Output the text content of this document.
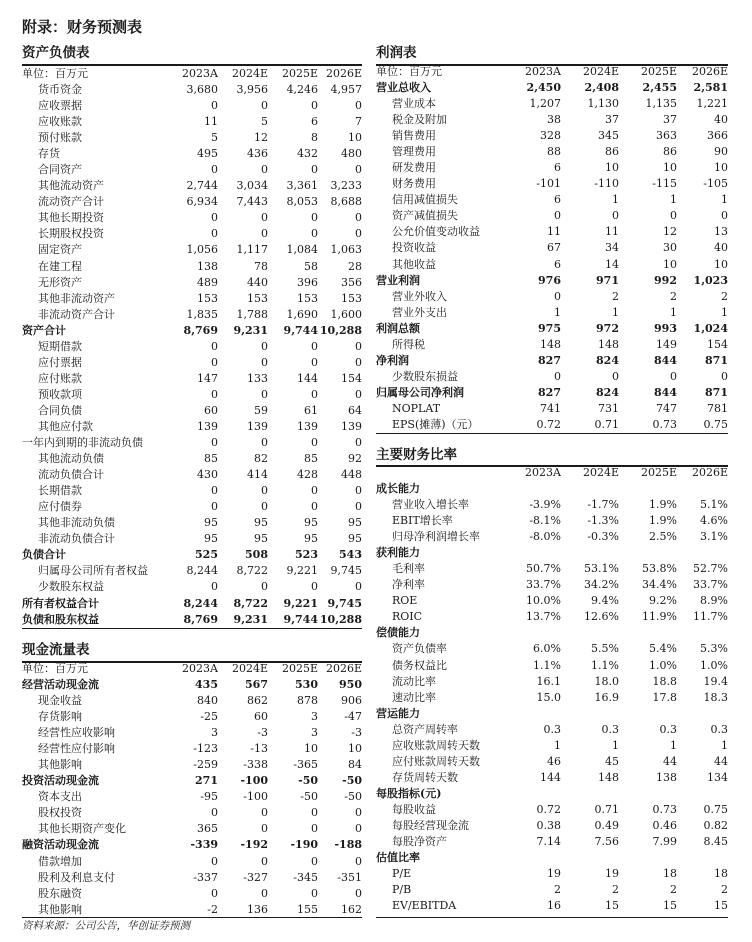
附录：财务预测表
资产负债表
单位：百万元	2023A	2024E	2025E 2026E
货币资金	3,680	3,956	4,246	4,957
应收票据	0	0	0	0
应收账款	11	5	6	7
预付账款	5	12	8	10
存货	495	436	432	480
合同资产	0	0	0	0
其他流动资产	2,744	3,034	3,361	3,233
流动资产合计	6,934	7,443	8,053	8,688
其他长期投资	0	0	0	0
长期股权投资	0	0	0	0
固定资产	1,056	1,117	1,084	1,063
在建工程	138	78	58	28
无形资产	489	440	396	356
其他非流动资产	153	153	153	153
非流动资产合计	1,835	1,788	1,690	1,600
资产合计	8,769	9,231	9,744 10,288
短期借款	0	0	0	0
应付票据	0	0	0	0
应付账款	147	133	144	154
预收款项	0	0	0	0
合同负债	60	59	61	64
其他应付款	139	139	139	139
一年内到期的非流动负债	0	0	0	0
其他流动负债	85	82	85	92
流动负债合计	430	414	428	448
长期借款	0	0	0	0
应付债券	0	0	0	0
其他非流动负债	95	95	95	95
非流动负债合计	95	95	95	95
负债合计	525	508	523	543
归属母公司所有者权益	8,244	8,722	9,221	9,745
少数股东权益	0	0	0	0
所有者权益合计	8,244	8,722	9,221 9,745
负债和股东权益	8,769	9,231	9,744 10,288
现金流量表
单位：百万元	2023A	2024E	2025E 2026E
经营活动现金流	435	567	530	950
现金收益	840	862	878	906
存货影响	-25	60	3	-47
经营性应收影响	3	-3	3	-3
经营性应付影响	-123	-13	10	10
其他影响	-259	-338	-365	84
投资活动现金流	271	-100	-50	-50
资本支出	-95	-100	-50	-50
股权投资	0	0	0	0
其他长期资产变化	365	0	0	0
融资活动现金流	-339	-192	-190	-188
借款增加	0	0	0	0
股利及利息支付	-337	-327	-345	-351
股东融资	0	0	0	0
其他影响	-2	136	155	162
利润表
单位：百万元	2023A	2024E	2025E	2026E
营业总收入	2,450	2,408	2,455	2,581
营业成本	1,207	1,130	1,135	1,221
税金及附加	38	37	37	40
销售费用	328	345	363	366
管理费用	88	86	86	90
研发费用	6	10	10	10
财务费用	-101	-110	-115	-105
信用减值损失	6	1	1	1
资产减值损失	0	0	0	0
公允价值变动收益	11	11	12	13
投资收益	67	34	30	40
其他收益	6	14	10	10
营业利润	976	971	992	1,023
营业外收入	0	2	2	2
营业外支出	1	1	1	1
利润总额	975	972	993	1,024
所得税	148	148	149	154
净利润	827	824	844	871
少数股东损益	0	0	0	0
归属母公司净利润	827	824	844	871
NOPLAT	741	731	747	781
EPS(摊薄)（元）	0.72	0.71	0.73	0.75
主要财务比率
2023A	2024E	2025E	2026E
成长能力
营业收入增长率	-3.9%	-1.7%	1.9%	5.1%
EBIT增长率	-8.1%	-1.3%	1.9%	4.6%
归母净利润增长率	-8.0%	-0.3%	2.5%	3.1%
获利能力
毛利率	50.7%	53.1%	53.8%	52.7%
净利率	33.7%	34.2%	34.4%	33.7%
ROE	10.0%	9.4%	9.2%	8.9%
ROIC	13.7%	12.6%	11.9%	11.7%
偿债能力
资产负债率	6.0%	5.5%	5.4%	5.3%
债务权益比	1.1%	1.1%	1.0%	1.0%
流动比率	16.1	18.0	18.8	19.4
速动比率	15.0	16.9	17.8	18.3
营运能力
总资产周转率	0.3	0.3	0.3	0.3
应收账款周转天数	1	1	1	1
应付账款周转天数	46	45	44	44
存货周转天数	144	148	138	134
每股指标(元)
每股收益	0.72	0.71	0.73	0.75
每股经营现金流	0.38	0.49	0.46	0.82
每股净资产	7.14	7.56	7.99	8.45
估值比率
P/E	19	19	18	18
P/B	2	2	2	2
EV/EBITDA	16	15	15	15
资料来源：公司公告，华创证券预测
